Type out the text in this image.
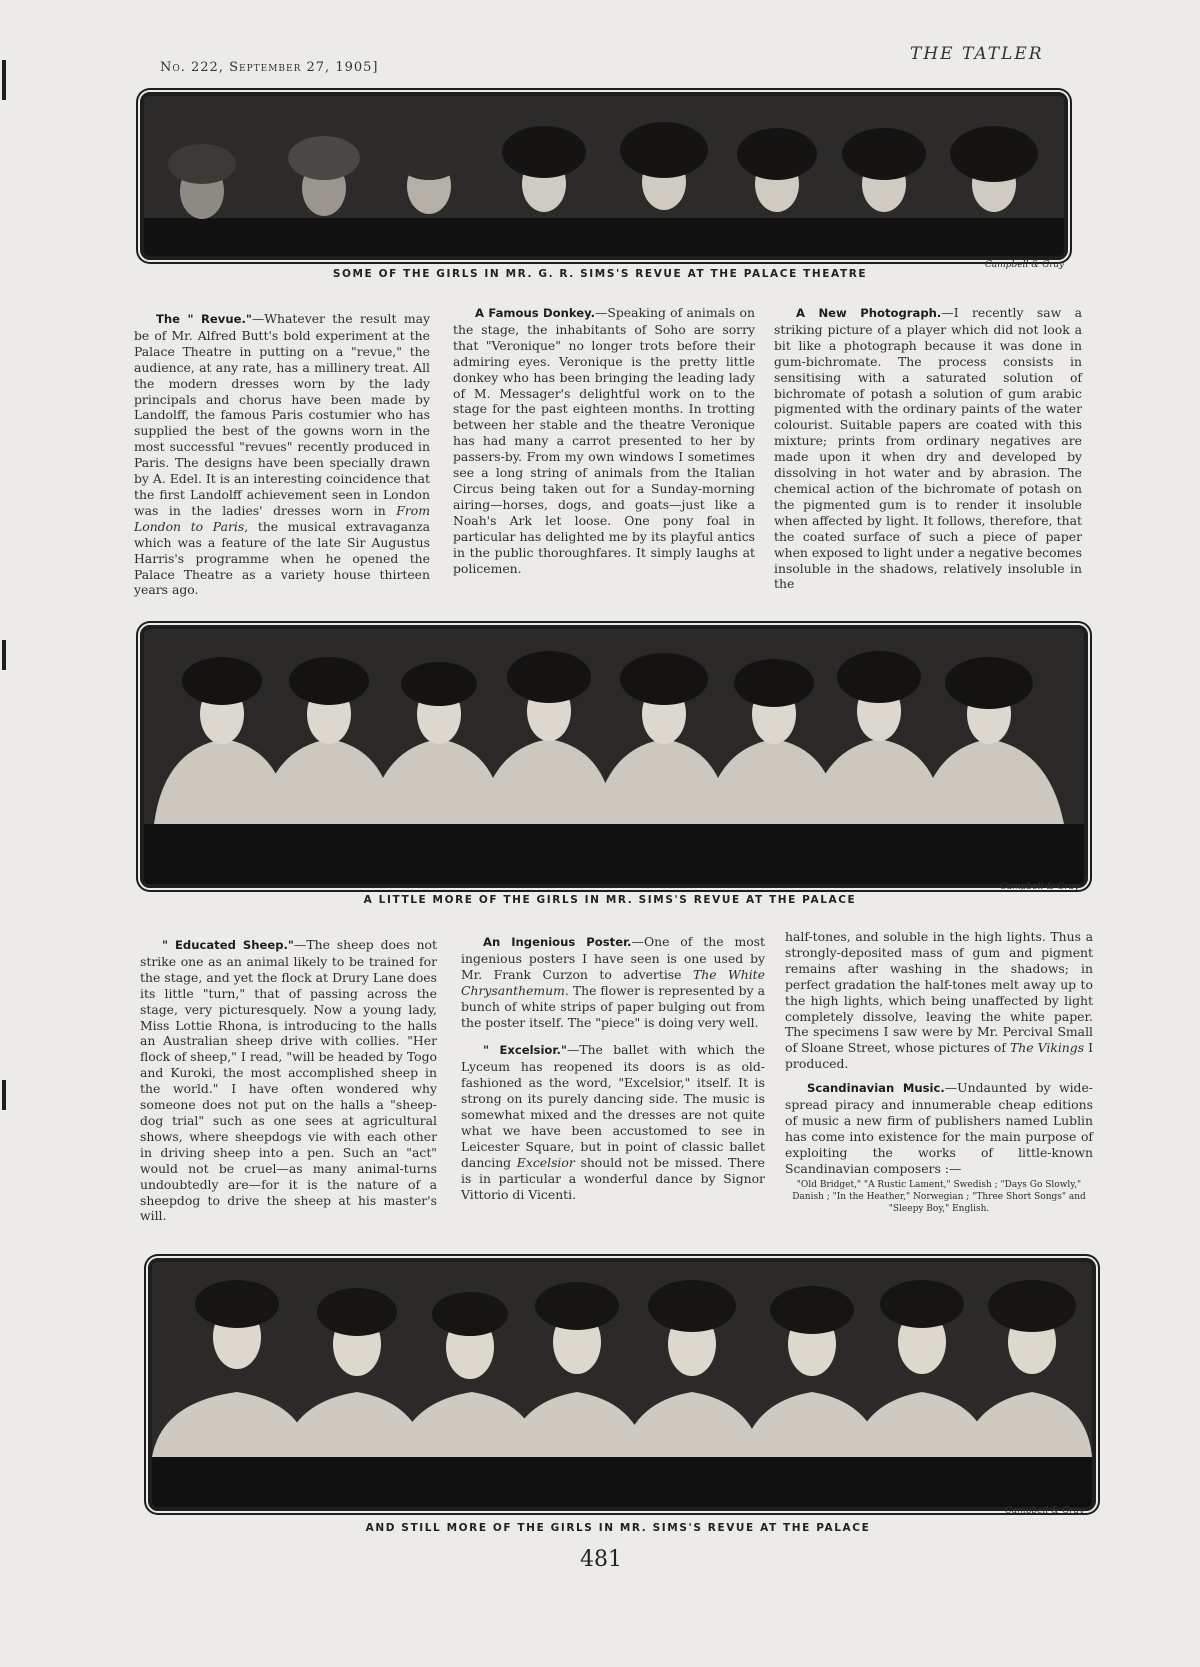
No. 222, September 27, 1905]
THE TATLER
Campbell & Gray
SOME OF THE GIRLS IN MR. G. R. SIMS'S REVUE AT THE PALACE THEATRE

The " Revue."—Whatever the result may be of Mr. Alfred Butt's bold experiment at the Palace Theatre in putting on a "revue," the audience, at any rate, has a millinery treat. All the modern dresses worn by the lady principals and chorus have been made by Landolff, the famous Paris costumier who has supplied the best of the gowns worn in the most successful "revues" recently produced in Paris. The designs have been specially drawn by A. Edel. It is an interesting coincidence that the first Landolff achievement seen in London was in the ladies' dresses worn in From London to Paris, the musical extravaganza which was a feature of the late Sir Augustus Harris's programme when he opened the Palace Theatre as a variety house thirteen years ago.

A Famous Donkey.—Speaking of animals on the stage, the inhabitants of Soho are sorry that "Veronique" no longer trots before their admiring eyes. Veronique is the pretty little donkey who has been bringing the leading lady of M. Messager's delightful work on to the stage for the past eighteen months. In trotting between her stable and the theatre Veronique has had many a carrot presented to her by passers-by. From my own windows I sometimes see a long string of animals from the Italian Circus being taken out for a Sunday-morning airing—horses, dogs, and goats—just like a Noah's Ark let loose. One pony foal in particular has delighted me by its playful antics in the public thoroughfares. It simply laughs at policemen.

A New Photograph.—I recently saw a striking picture of a player which did not look a bit like a photograph because it was done in gum-bichromate. The process consists in sensitising with a saturated solution of bichromate of potash a solution of gum arabic pigmented with the ordinary paints of the water colourist. Suitable papers are coated with this mixture; prints from ordinary negatives are made upon it when dry and developed by dissolving in hot water and by abrasion. The chemical action of the bichromate of potash on the pigmented gum is to render it insoluble when affected by light. It follows, therefore, that the coated surface of such a piece of paper when exposed to light under a negative becomes insoluble in the shadows, relatively insoluble in the

Campbell & Gray
A LITTLE MORE OF THE GIRLS IN MR. SIMS'S REVUE AT THE PALACE

" Educated Sheep."—The sheep does not strike one as an animal likely to be trained for the stage, and yet the flock at Drury Lane does its little "turn," that of passing across the stage, very picturesquely. Now a young lady, Miss Lottie Rhona, is introducing to the halls an Australian sheep drive with collies. "Her flock of sheep," I read, "will be headed by Togo and Kuroki, the most accomplished sheep in the world." I have often wondered why someone does not put on the halls a "sheep-dog trial" such as one sees at agricultural shows, where sheepdogs vie with each other in driving sheep into a pen. Such an "act" would not be cruel—as many animal-turns undoubtedly are—for it is the nature of a sheepdog to drive the sheep at his master's will.

An Ingenious Poster.—One of the most ingenious posters I have seen is one used by Mr. Frank Curzon to advertise The White Chrysanthemum. The flower is represented by a bunch of white strips of paper bulging out from the poster itself. The "piece" is doing very well.

" Excelsior."—The ballet with which the Lyceum has reopened its doors is as old-fashioned as the word, "Excelsior," itself. It is strong on its purely dancing side. The music is somewhat mixed and the dresses are not quite what we have been accustomed to see in Leicester Square, but in point of classic ballet dancing Excelsior should not be missed. There is in particular a wonderful dance by Signor Vittorio di Vicenti.

half-tones, and soluble in the high lights. Thus a strongly-deposited mass of gum and pigment remains after washing in the shadows; in perfect gradation the half-tones melt away up to the high lights, which being unaffected by light completely dissolve, leaving the white paper. The specimens I saw were by Mr. Percival Small of Sloane Street, whose pictures of The Vikings I produced.

Scandinavian Music.—Undaunted by wide-spread piracy and innumerable cheap editions of music a new firm of publishers named Lublin has come into existence for the main purpose of exploiting the works of little-known Scandinavian composers :—

"Old Bridget," "A Rustic Lament," Swedish ; "Days Go Slowly," Danish ; "In the Heather," Norwegian ; "Three Short Songs" and "Sleepy Boy," English.
Campbell & Gray
AND STILL MORE OF THE GIRLS IN MR. SIMS'S REVUE AT THE PALACE
481
